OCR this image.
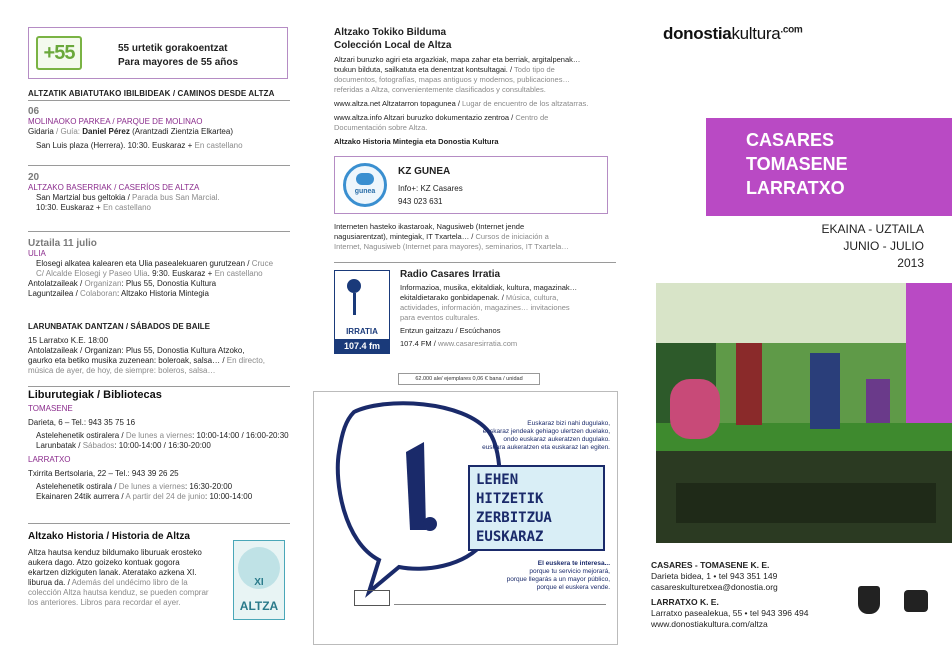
+55	55 urtetik gorakoentzat
Para mayores de 55 años
ALTZATIK ABIATUTAKO IBILBIDEAK / CAMINOS DESDE ALTZA
06
MOLINAOKO PARKEA / PARQUE DE MOLINAO
Gidaria / Guía: Daniel Pérez (Arantzadi Zientzia Elkartea)
San Luis plaza (Herrera). 10:30. Euskaraz + En castellano
20
ALTZAKO BASERRIAK / CASERÍOS DE ALTZA
San Martzial bus geltokia / Parada bus San Marcial.
10:30. Euskaraz + En castellano
Uztaila 11 julio
ULIA
Elosegi alkatea kalearen eta Ulia pasealekuaren gurutzean / Cruce
C/ Alcalde Elosegi y Paseo Ulia. 9:30. Euskaraz + En castellano
Antolatzaileak / Organizan: Plus 55, Donostia Kultura
Laguntzailea / Colaboran: Altzako Historia Mintegia
LARUNBATAK DANTZAN / SÁBADOS DE BAILE
15 Larratxo K.E. 18:00
Antolatzaileak / Organizan: Plus 55, Donostia Kultura Atzoko,
gaurko eta betiko musika zuzenean: boleroak, salsa… / En directo,
música de ayer, de hoy, de siempre: boleros, salsa…
Liburutegiak / Bibliotecas
TOMASENE
Darieta, 6 – Tel.: 943 35 75 16
Astelehenetik ostiralera / De lunes a viernes: 10:00-14:00 / 16:00-20:30
Larunbatak / Sábados: 10:00-14:00 / 16:30-20:00
LARRATXO
Txirrita Bertsolaria, 22 – Tel.: 943 39 26 25
Astelehenetik ostirala / De lunes a viernes: 16:30-20:00
Ekainaren 24tik aurrera / A partir del 24 de junio: 10:00-14:00
Altzako Historia / Historia de Altza
Altza hautsa kenduz bildumako liburuak erosteko
aukera dago. Atzo goizeko kontuak gogora
ekartzen dizkiguten lanak. Ateratako azkena XI.
liburua da. / Además del undécimo libro de la
colección Altza hautsa kenduz, se pueden comprar
los anteriores. Libros para recordar el ayer.
XI
ALTZA
Altzako Tokiko Bilduma
Colección Local de Altza
Altzari buruzko agiri eta argazkiak, mapa zahar eta berriak, argitalpenak…
txukun bilduta, sailkatuta eta denentzat kontsultagai. / Todo tipo de
documentos, fotografías, mapas antiguos y modernos, publicaciones…
referidas a Altza, convenientemente clasificados y consultables.
www.altza.net Altzatarron topagunea / Lugar de encuentro de los altzatarras.
www.altza.info Altzari buruzko dokumentazio zentroa / Centro de
Documentación sobre Altza.
Altzako Historia Mintegia eta Donostia Kultura
gunea
KZ GUNEA
Info+: KZ Casares
943 023 631
Interneten hasteko ikastaroak, Nagusiweb (Internet jende
nagusiarentzat), mintegiak, IT Txartela… / Cursos de iniciación a
Internet, Nagusiweb (Internet para mayores), seminarios, IT Txartela…
IRRATIA
107.4 fm
Radio Casares Irratia
Informazioa, musika, ekitaldiak, kultura, magazinak…
ekitaldietarako gonbidapenak. / Música, cultura,
actividades, información, magazines… invitaciones
para eventos culturales.
Entzun gaitzazu / Escúchanos
107.4 FM / www.casaresirratia.com
62.000 ale/ ejemplares 0,06 € bana / unidad
Euskaraz bizi nahi dugulako,
euskaraz jendeak gehiago ulertzen duelako,
ondo euskaraz aukeratzen dugulako.
euskara aukeratzen eta euskaraz lan egiten.
LEHEN
HITZETIK
ZERBITZUA
EUSKARAZ
El euskera te interesa...
porque tu servicio mejorará,
porque llegarás a un mayor público,
porque el euskera vende.
donostiakultura$^{.com}$
CASARES
TOMASENE
LARRATXO
EKAINA - UZTAILA
JUNIO - JULIO
2013
CASARES - TOMASENE K. E.
Darieta bidea, 1 • tel 943 351 149
casareskulturetxea@donostia.org
LARRATXO K. E.
Larratxo pasealekua, 55 • tel 943 396 494
www.donostiakultura.com/altza
